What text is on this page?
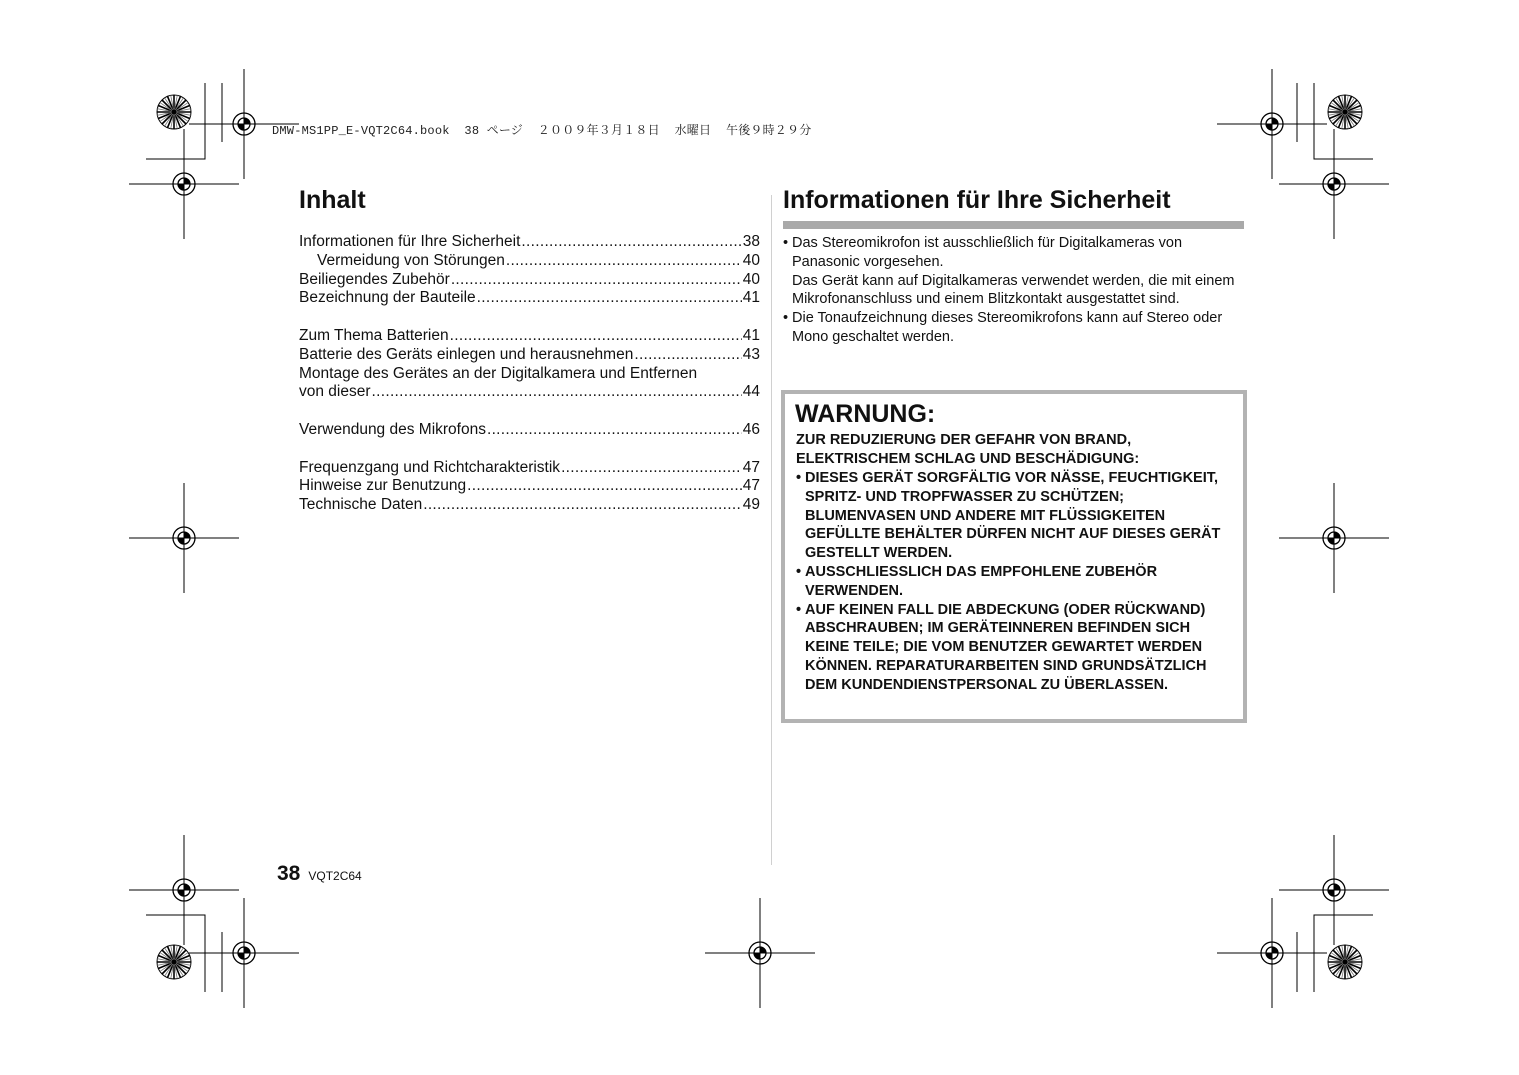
DMW-MS1PP_E-VQT2C64.book  38 ページ  ２００９年３月１８日  水曜日  午後９時２９分
Inhalt
Informationen für Ihre Sicherheit .....	38
Vermeidung von Störungen .....	40
Beiliegendes Zubehör .....	40
Bezeichnung der Bauteile .....	41
Zum Thema Batterien .....	41
Batterie des Geräts einlegen und herausnehmen .....	43
Montage des Gerätes an der Digitalkamera und Entfernen
von dieser .....	44
Verwendung des Mikrofons .....	46
Frequenzgang und Richtcharakteristik .....	47
Hinweise zur Benutzung .....	47
Technische Daten .....	49
Informationen für Ihre Sicherheit
• Das Stereomikrofon ist ausschließlich für Digitalkameras von Panasonic vorgesehen.
Das Gerät kann auf Digitalkameras verwendet werden, die mit einem Mikrofonanschluss und einem Blitzkontakt ausgestattet sind.
• Die Tonaufzeichnung dieses Stereomikrofons kann auf Stereo oder Mono geschaltet werden.
WARNUNG:
ZUR REDUZIERUNG DER GEFAHR VON BRAND, ELEKTRISCHEM SCHLAG UND BESCHÄDIGUNG:
• DIESES GERÄT SORGFÄLTIG VOR NÄSSE, FEUCHTIGKEIT, SPRITZ- UND TROPFWASSER ZU SCHÜTZEN; BLUMENVASEN UND ANDERE MIT FLÜSSIGKEITEN GEFÜLLTE BEHÄLTER DÜRFEN NICHT AUF DIESES GERÄT GESTELLT WERDEN.
• AUSSCHLIESSLICH DAS EMPFOHLENE ZUBEHÖR VERWENDEN.
• AUF KEINEN FALL DIE ABDECKUNG (ODER RÜCKWAND) ABSCHRAUBEN; IM GERÄTEINNEREN BEFINDEN SICH KEINE TEILE; DIE VOM BENUTZER GEWARTET WERDEN KÖNNEN. REPARATURARBEITEN SIND GRUNDSÄTZLICH DEM KUNDENDIENSTPERSONAL ZU ÜBERLASSEN.
38 VQT2C64
